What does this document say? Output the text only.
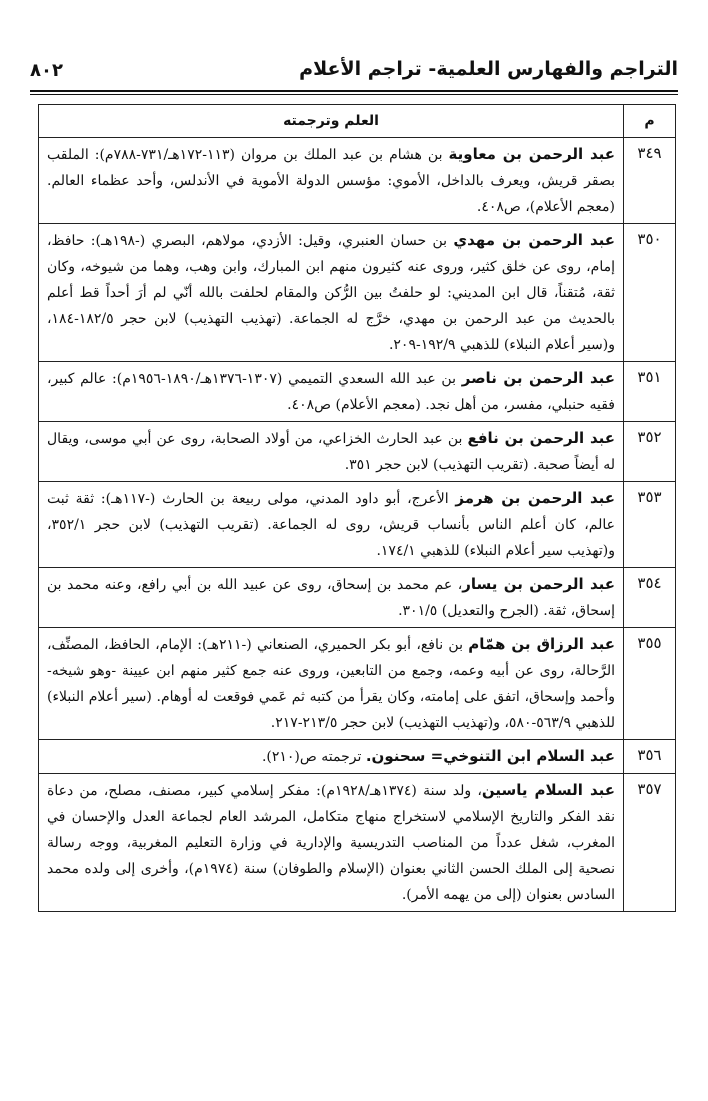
التراجم والفهارس العلمية- تراجم الأعلام
٨٠٢
م	العلم وترجمته
٣٤٩	عبد الرحمن بن معاوية بن هشام بن عبد الملك بن مروان (١١٣-١٧٢هـ/٧٣١-٧٨٨م): الملقب بصقر قريش، ويعرف بالداخل، الأموي: مؤسس الدولة الأموية في الأندلس، وأحد عظماء العالم. (معجم الأعلام)، ص٤٠٨.
٣٥٠	عبد الرحمن بن مهدي بن حسان العنبري، وقيل: الأزدي، مولاهم، البصري (-١٩٨هـ): حافظ، إمام، روى عن خلق كثير، وروى عنه كثيرون منهم ابن المبارك، وابن وهب، وهما من شيوخه، وكان ثقة، مُتقناً، قال ابن المديني: لو حلفتُ بين الرُّكن والمقام لحلفت بالله أنّي لم أرَ أحداً قط أعلم بالحديث من عبد الرحمن بن مهدي، خرَّج له الجماعة. (تهذيب التهذيب) لابن حجر ١٨٢/٥-١٨٤، و(سير أعلام النبلاء) للذهبي ١٩٢/٩-٢٠٩.
٣٥١	عبد الرحمن بن ناصر بن عبد الله السعدي التميمي (١٣٠٧-١٣٧٦هـ/١٨٩٠-١٩٥٦م): عالم كبير، فقيه حنبلي، مفسر، من أهل نجد. (معجم الأعلام) ص٤٠٨.
٣٥٢	عبد الرحمن بن نافع بن عبد الحارث الخزاعي، من أولاد الصحابة، روى عن أبي موسى، ويقال له أيضاً صحبة. (تقريب التهذيب) لابن حجر ٣٥١.
٣٥٣	عبد الرحمن بن هرمز الأعرج، أبو داود المدني، مولى ربيعة بن الحارث (-١١٧هـ): ثقة ثبت عالم، كان أعلم الناس بأنساب قريش، روى له الجماعة. (تقريب التهذيب) لابن حجر ٣٥٢/١، و(تهذيب سير أعلام النبلاء) للذهبي ١٧٤/١.
٣٥٤	عبد الرحمن بن يسار، عم محمد بن إسحاق، روى عن عبيد الله بن أبي رافع، وعنه محمد بن إسحاق، ثقة. (الجرح والتعديل) ٣٠١/٥.
٣٥٥	عبد الرزاق بن همّام بن نافع، أبو بكر الحميري، الصنعاني (-٢١١هـ): الإمام، الحافظ، المصنِّف، الرَّحالة، روى عن أبيه وعمه، وجمع من التابعين، وروى عنه جمع كثير منهم ابن عيينة -وهو شيخه- وأحمد وإسحاق، اتفق على إمامته، وكان يقرأ من كتبه ثم عَمي فوقعت له أوهام. (سير أعلام النبلاء) للذهبي ٥٦٣/٩-٥٨٠، و(تهذيب التهذيب) لابن حجر ٢١٣/٥-٢١٧.
٣٥٦	عبد السلام ابن التنوخي= سحنون. ترجمته ص(٢١٠).
٣٥٧	عبد السلام ياسين، ولد سنة (١٣٧٤هـ/١٩٢٨م): مفكر إسلامي كبير، مصنف، مصلح، من دعاة نقد الفكر والتاريخ الإسلامي لاستخراج منهاج متكامل، المرشد العام لجماعة العدل والإحسان في المغرب، شغل عدداً من المناصب التدريسية والإدارية في وزارة التعليم المغربية، ووجه رسالة نصحية إلى الملك الحسن الثاني بعنوان (الإسلام والطوفان) سنة (١٩٧٤م)، وأخرى إلى ولده محمد السادس بعنوان (إلى من يهمه الأمر).
